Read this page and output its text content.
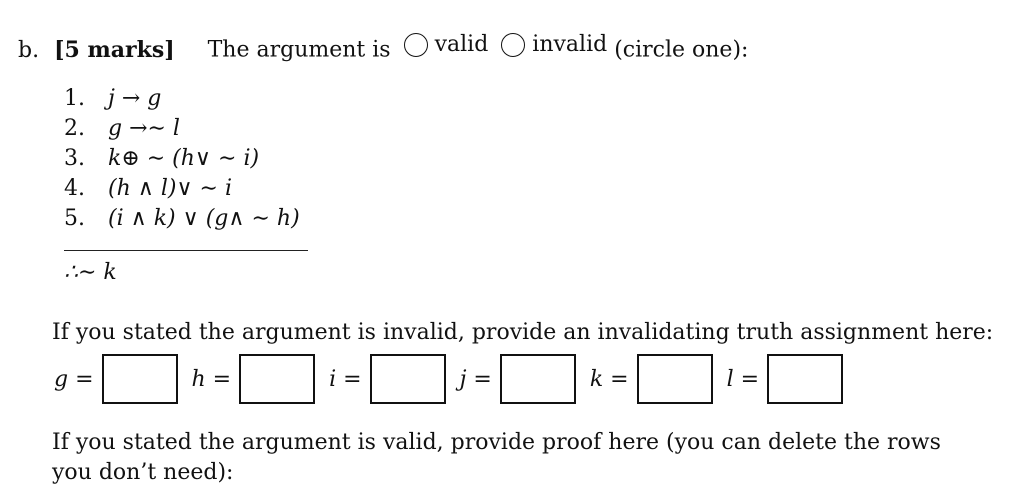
b. [5 marks] The argument is valid
invalid (circle one):
1.	j → g
2.	g →∼ l
3.	k⊕ ∼ (h∨ ∼ i)
4.	(h ∧ l)∨ ∼ i
5.	(i ∧ k) ∨ (g∧ ∼ h)
∴∼ k
If you stated the argument is invalid, provide an invalidating truth assignment here:
g =	h =	i =	j =	k =	l =
If you stated the argument is valid, provide proof here (you can delete the rows you don’t need):
